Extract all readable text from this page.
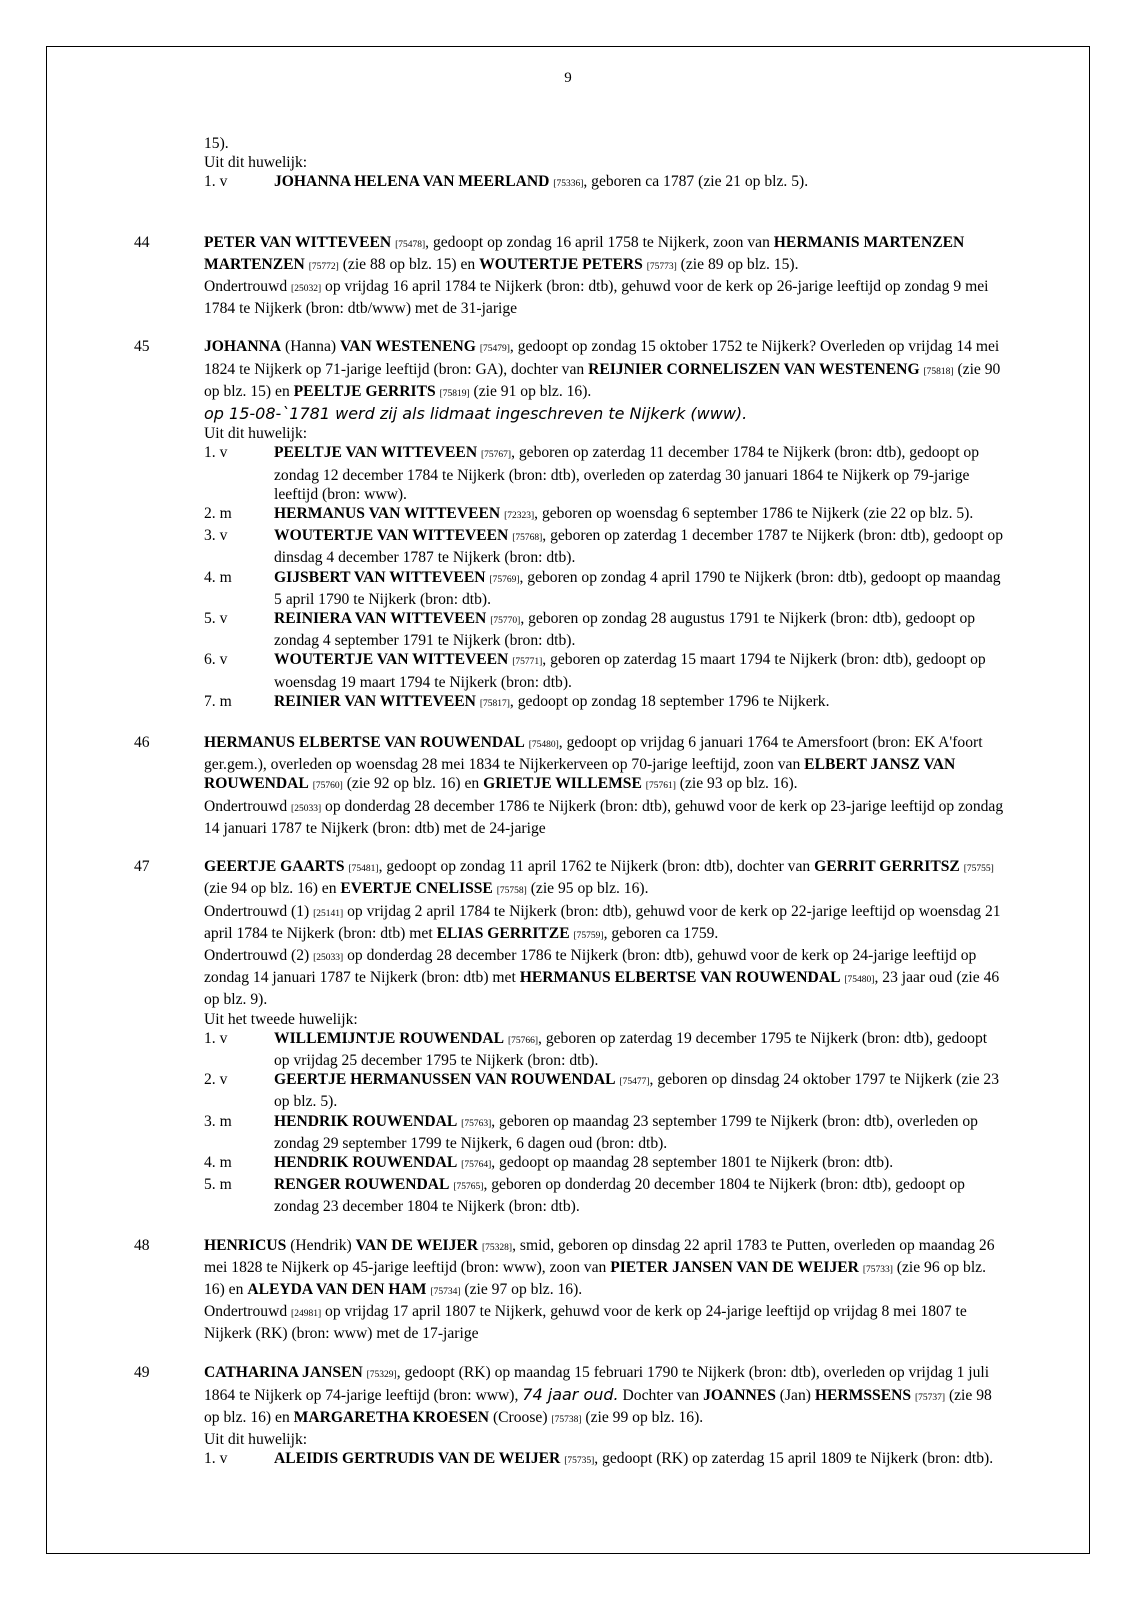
9

15).

Uit dit huwelijk:

1. v	JOHANNA HELENA VAN MEERLAND [75336], geboren ca 1787 (zie 21 op blz. 5).
44	PETER VAN WITTEVEEN [75478], gedoopt op zondag 16 april 1758 te Nijkerk, zoon van HERMANIS MARTENZEN MARTENZEN [75772] (zie 88 op blz. 15) en WOUTERTJE PETERS [75773] (zie 89 op blz. 15).

Ondertrouwd [25032] op vrijdag 16 april 1784 te Nijkerk (bron: dtb), gehuwd voor de kerk op 26-jarige leeftijd op zondag 9 mei 1784 te Nijkerk (bron: dtb/www) met de 31-jarige

45	JOHANNA (Hanna) VAN WESTENENG [75479], gedoopt op zondag 15 oktober 1752 te Nijkerk? Overleden op vrijdag 14 mei 1824 te Nijkerk op 71-jarige leeftijd (bron: GA), dochter van REIJNIER CORNELISZEN VAN WESTENENG [75818] (zie 90 op blz. 15) en PEELTJE GERRITS [75819] (zie 91 op blz. 16).

op 15-08-`1781 werd zij als lidmaat ingeschreven te Nijkerk (www).

Uit dit huwelijk:

1. v	PEELTJE VAN WITTEVEEN [75767], geboren op zaterdag 11 december 1784 te Nijkerk (bron: dtb), gedoopt op zondag 12 december 1784 te Nijkerk (bron: dtb), overleden op zaterdag 30 januari 1864 te Nijkerk op 79-jarige leeftijd (bron: www).
2. m	HERMANUS VAN WITTEVEEN [72323], geboren op woensdag 6 september 1786 te Nijkerk (zie 22 op blz. 5).
3. v	WOUTERTJE VAN WITTEVEEN [75768], geboren op zaterdag 1 december 1787 te Nijkerk (bron: dtb), gedoopt op dinsdag 4 december 1787 te Nijkerk (bron: dtb).
4. m	GIJSBERT VAN WITTEVEEN [75769], geboren op zondag 4 april 1790 te Nijkerk (bron: dtb), gedoopt op maandag 5 april 1790 te Nijkerk (bron: dtb).
5. v	REINIERA VAN WITTEVEEN [75770], geboren op zondag 28 augustus 1791 te Nijkerk (bron: dtb), gedoopt op zondag 4 september 1791 te Nijkerk (bron: dtb).
6. v	WOUTERTJE VAN WITTEVEEN [75771], geboren op zaterdag 15 maart 1794 te Nijkerk (bron: dtb), gedoopt op woensdag 19 maart 1794 te Nijkerk (bron: dtb).
7. m	REINIER VAN WITTEVEEN [75817], gedoopt op zondag 18 september 1796 te Nijkerk.
46	HERMANUS ELBERTSE VAN ROUWENDAL [75480], gedoopt op vrijdag 6 januari 1764 te Amersfoort (bron: EK A'foort ger.gem.), overleden op woensdag 28 mei 1834 te Nijkerkerveen op 70-jarige leeftijd, zoon van ELBERT JANSZ VAN ROUWENDAL [75760] (zie 92 op blz. 16) en GRIETJE WILLEMSE [75761] (zie 93 op blz. 16).

Ondertrouwd [25033] op donderdag 28 december 1786 te Nijkerk (bron: dtb), gehuwd voor de kerk op 23-jarige leeftijd op zondag 14 januari 1787 te Nijkerk (bron: dtb) met de 24-jarige

47	GEERTJE GAARTS [75481], gedoopt op zondag 11 april 1762 te Nijkerk (bron: dtb), dochter van GERRIT GERRITSZ [75755] (zie 94 op blz. 16) en EVERTJE CNELISSE [75758] (zie 95 op blz. 16).

Ondertrouwd (1) [25141] op vrijdag 2 april 1784 te Nijkerk (bron: dtb), gehuwd voor de kerk op 22-jarige leeftijd op woensdag 21 april 1784 te Nijkerk (bron: dtb) met ELIAS GERRITZE [75759], geboren ca 1759.

Ondertrouwd (2) [25033] op donderdag 28 december 1786 te Nijkerk (bron: dtb), gehuwd voor de kerk op 24-jarige leeftijd op zondag 14 januari 1787 te Nijkerk (bron: dtb) met HERMANUS ELBERTSE VAN ROUWENDAL [75480], 23 jaar oud (zie 46 op blz. 9).

Uit het tweede huwelijk:

1. v	WILLEMIJNTJE ROUWENDAL [75766], geboren op zaterdag 19 december 1795 te Nijkerk (bron: dtb), gedoopt op vrijdag 25 december 1795 te Nijkerk (bron: dtb).
2. v	GEERTJE HERMANUSSEN VAN ROUWENDAL [75477], geboren op dinsdag 24 oktober 1797 te Nijkerk (zie 23 op blz. 5).
3. m	HENDRIK ROUWENDAL [75763], geboren op maandag 23 september 1799 te Nijkerk (bron: dtb), overleden op zondag 29 september 1799 te Nijkerk, 6 dagen oud (bron: dtb).
4. m	HENDRIK ROUWENDAL [75764], gedoopt op maandag 28 september 1801 te Nijkerk (bron: dtb).
5. m	RENGER ROUWENDAL [75765], geboren op donderdag 20 december 1804 te Nijkerk (bron: dtb), gedoopt op zondag 23 december 1804 te Nijkerk (bron: dtb).
48	HENRICUS (Hendrik) VAN DE WEIJER [75328], smid, geboren op dinsdag 22 april 1783 te Putten, overleden op maandag 26 mei 1828 te Nijkerk op 45-jarige leeftijd (bron: www), zoon van PIETER JANSEN VAN DE WEIJER [75733] (zie 96 op blz. 16) en ALEYDA VAN DEN HAM [75734] (zie 97 op blz. 16).

Ondertrouwd [24981] op vrijdag 17 april 1807 te Nijkerk, gehuwd voor de kerk op 24-jarige leeftijd op vrijdag 8 mei 1807 te Nijkerk (RK) (bron: www) met de 17-jarige

49	CATHARINA JANSEN [75329], gedoopt (RK) op maandag 15 februari 1790 te Nijkerk (bron: dtb), overleden op vrijdag 1 juli 1864 te Nijkerk op 74-jarige leeftijd (bron: www), 74 jaar oud. Dochter van JOANNES (Jan) HERMSSENS [75737] (zie 98 op blz. 16) en MARGARETHA KROESEN (Croose) [75738] (zie 99 op blz. 16).

Uit dit huwelijk:

1. v	ALEIDIS GERTRUDIS VAN DE WEIJER [75735], gedoopt (RK) op zaterdag 15 april 1809 te Nijkerk (bron: dtb).
